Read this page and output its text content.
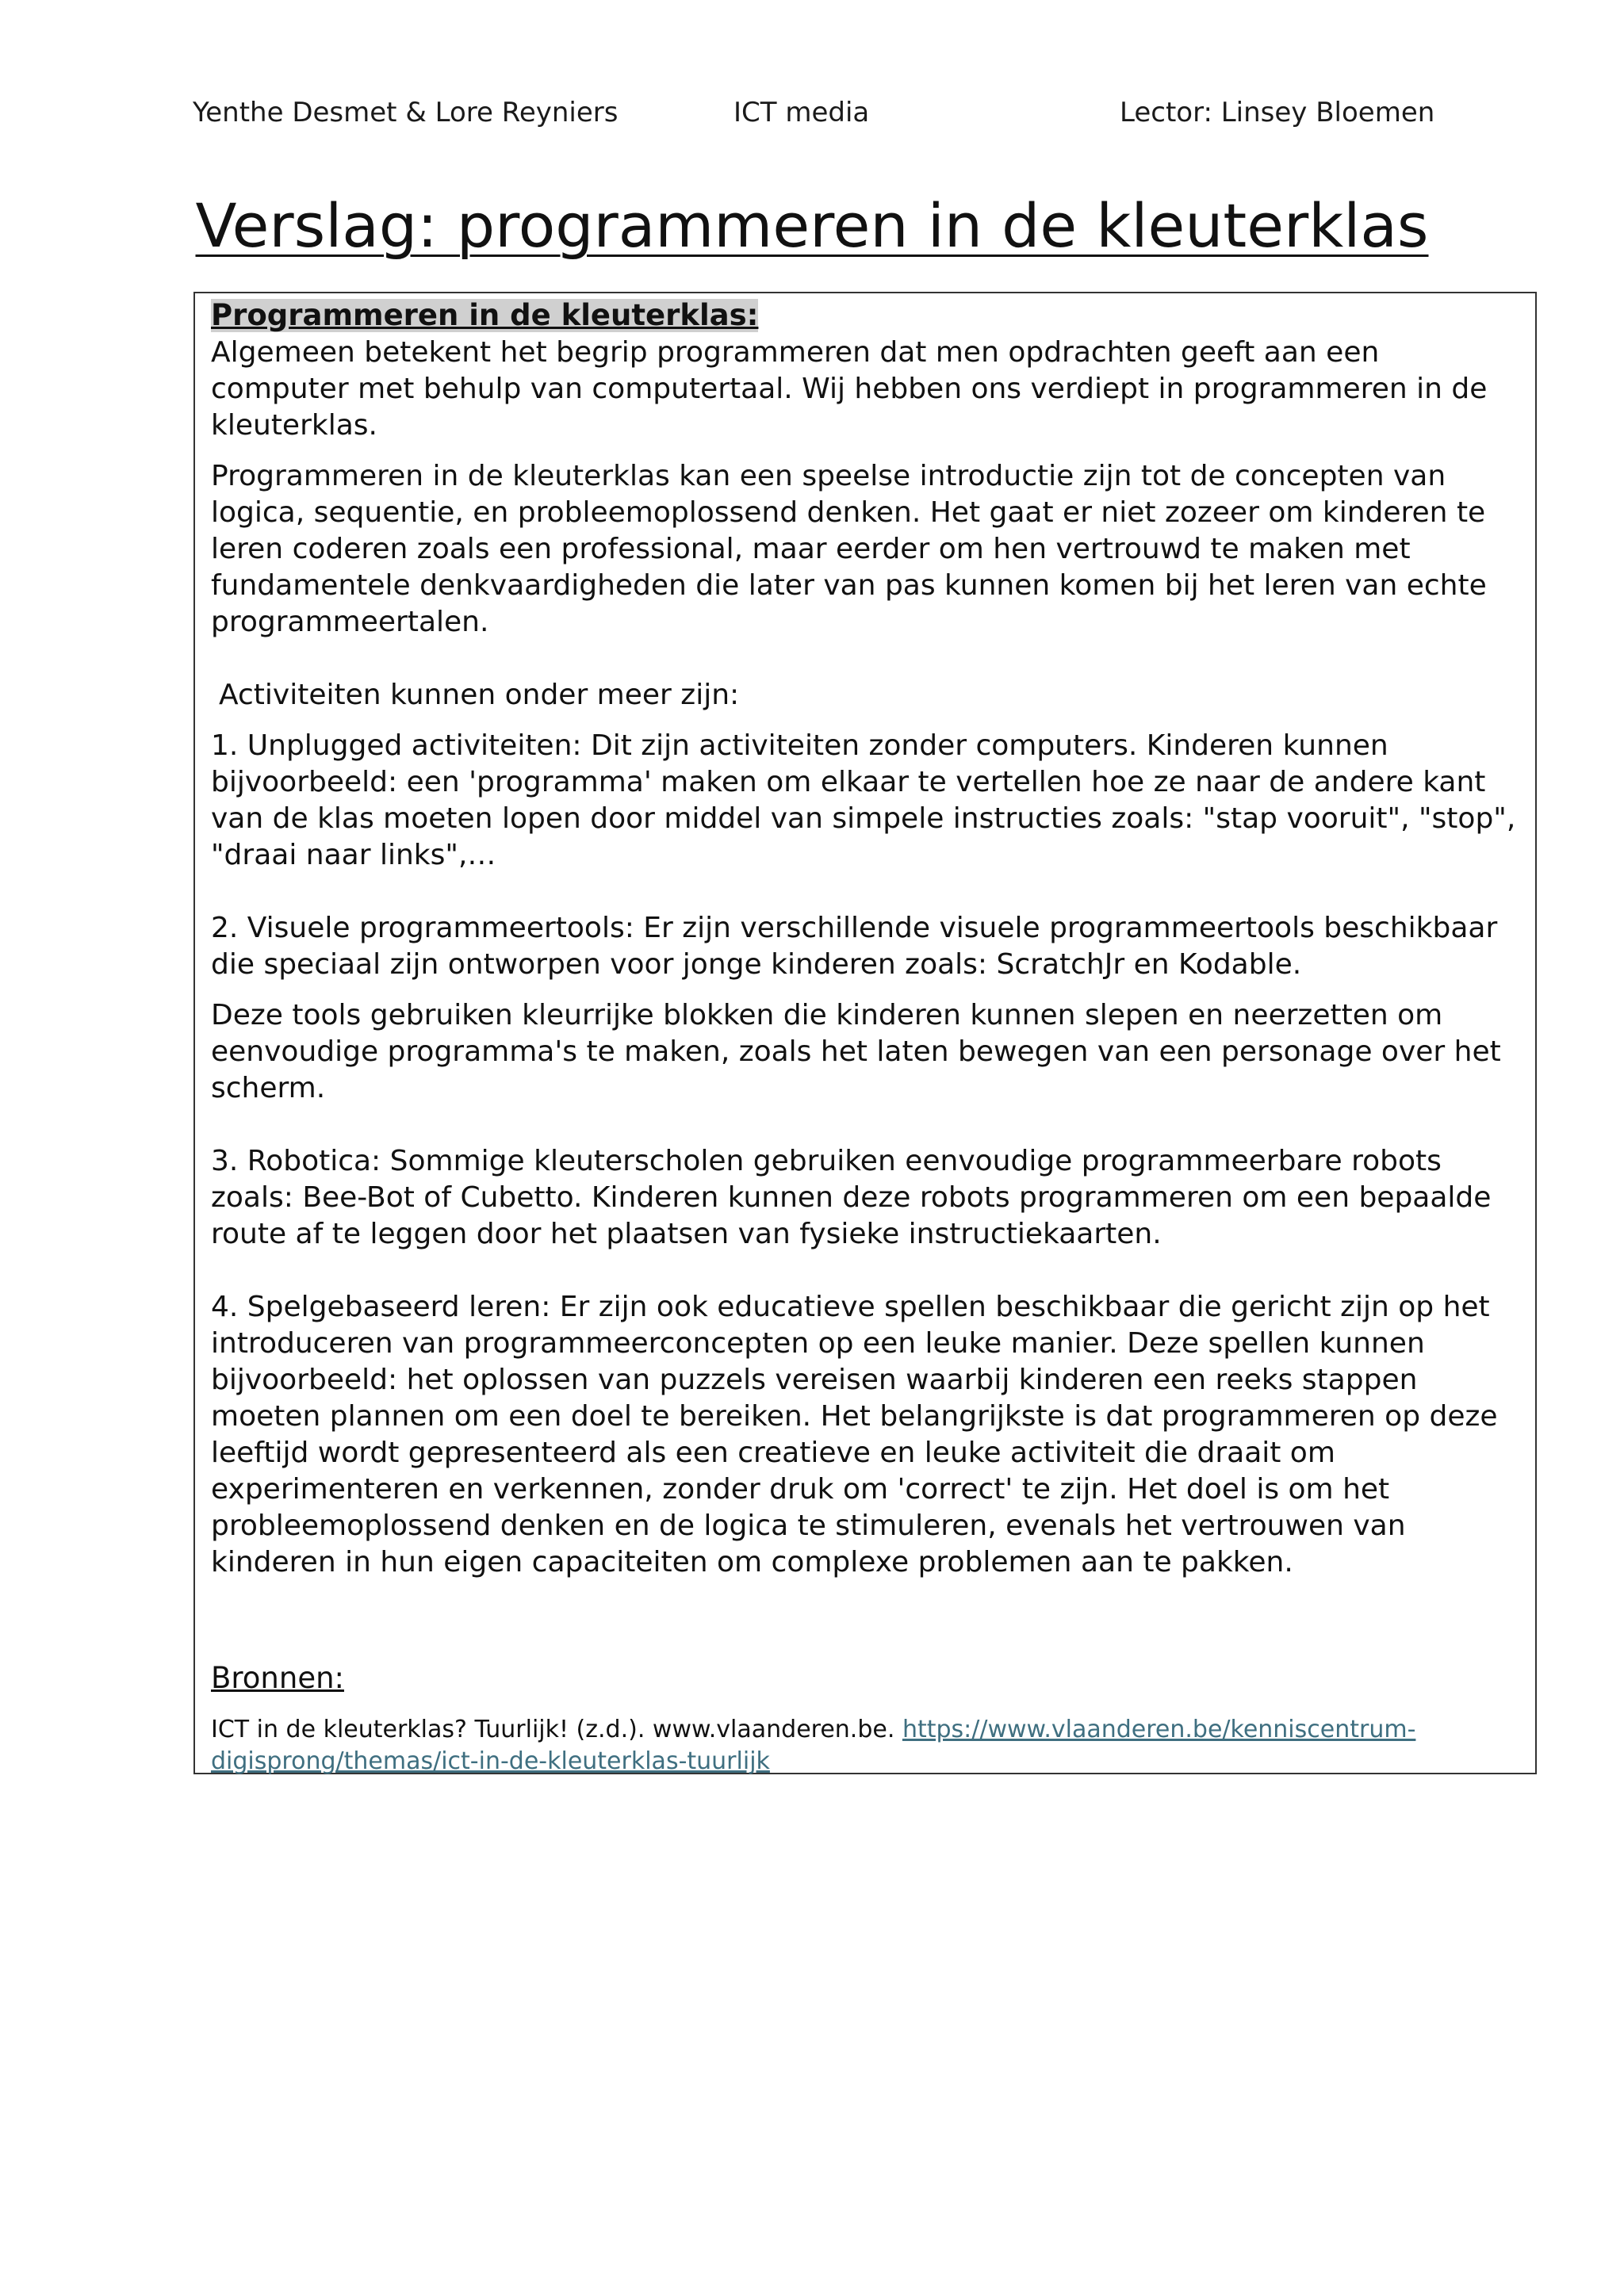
Yenthe Desmet & Lore Reyniers	ICT media	Lector: Linsey Bloemen
Verslag: programmeren in de kleuterklas

Programmeren in de kleuterklas:

Algemeen betekent het begrip programmeren dat men opdrachten geeft aan een computer met behulp van computertaal. Wij hebben ons verdiept in programmeren in de kleuterklas.

Programmeren in de kleuterklas kan een speelse introductie zijn tot de concepten van logica, sequentie, en probleemoplossend denken. Het gaat er niet zozeer om kinderen te leren coderen zoals een professional, maar eerder om hen vertrouwd te maken met fundamentele denkvaardigheden die later van pas kunnen komen bij het leren van echte programmeertalen.

Activiteiten kunnen onder meer zijn:

1. Unplugged activiteiten: Dit zijn activiteiten zonder computers. Kinderen kunnen bijvoorbeeld: een 'programma' maken om elkaar te vertellen hoe ze naar de andere kant van de klas moeten lopen door middel van simpele instructies zoals: "stap vooruit", "stop", "draai naar links",…

2. Visuele programmeertools: Er zijn verschillende visuele programmeertools beschikbaar die speciaal zijn ontworpen voor jonge kinderen zoals: ScratchJr en Kodable.

Deze tools gebruiken kleurrijke blokken die kinderen kunnen slepen en neerzetten om eenvoudige programma's te maken, zoals het laten bewegen van een personage over het scherm.

3. Robotica: Sommige kleuterscholen gebruiken eenvoudige programmeerbare robots zoals: Bee-Bot of Cubetto. Kinderen kunnen deze robots programmeren om een bepaalde route af te leggen door het plaatsen van fysieke instructiekaarten.

4. Spelgebaseerd leren: Er zijn ook educatieve spellen beschikbaar die gericht zijn op het introduceren van programmeerconcepten op een leuke manier. Deze spellen kunnen bijvoorbeeld: het oplossen van puzzels vereisen waarbij kinderen een reeks stappen moeten plannen om een doel te bereiken. Het belangrijkste is dat programmeren op deze leeftijd wordt gepresenteerd als een creatieve en leuke activiteit die draait om experimenteren en verkennen, zonder druk om 'correct' te zijn. Het doel is om het probleemoplossend denken en de logica te stimuleren, evenals het vertrouwen van kinderen in hun eigen capaciteiten om complexe problemen aan te pakken.

Bronnen:

ICT in de kleuterklas? Tuurlijk! (z.d.). www.vlaanderen.be. https://www.vlaanderen.be/kenniscentrum-digisprong/themas/ict-in-de-kleuterklas-tuurlijk
